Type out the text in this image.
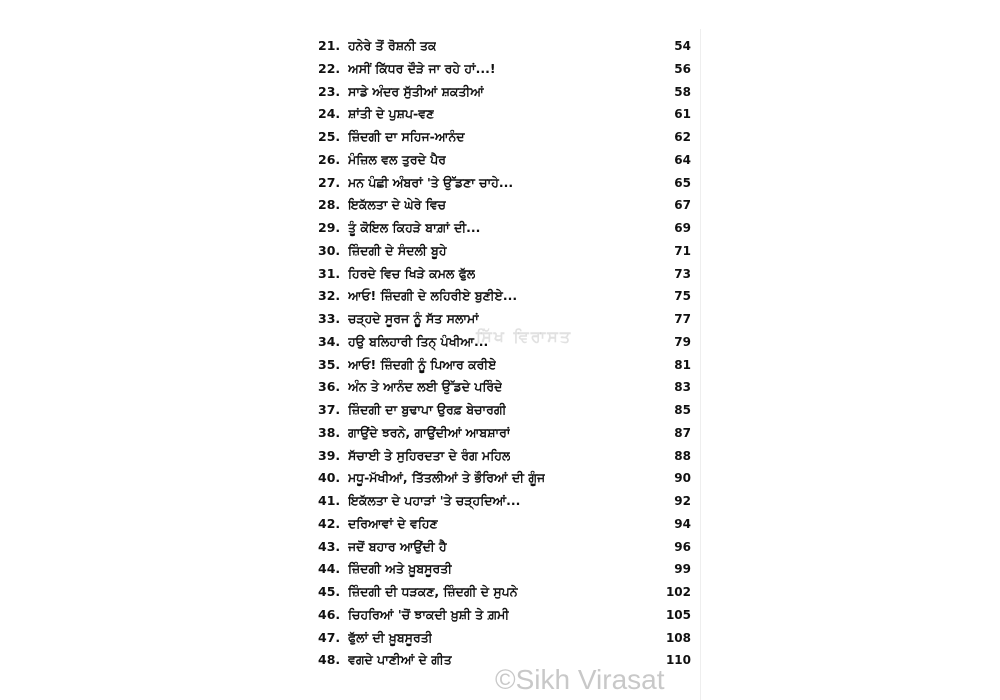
21. ਹਨੇਰੇ ਤੋਂ ਰੋਸ਼ਨੀ ਤਕ	54
22. ਅਸੀਂ ਕਿੱਧਰ ਦੌੜੇ ਜਾ ਰਹੇ ਹਾਂ...!	56
23. ਸਾਡੇ ਅੰਦਰ ਸੁੱਤੀਆਂ ਸ਼ਕਤੀਆਂ	58
24. ਸ਼ਾਂਤੀ ਦੇ ਪੁਸ਼ਪ-ਵਣ	61
25. ਜ਼ਿੰਦਗੀ ਦਾ ਸਹਿਜ-ਆਨੰਦ	62
26. ਮੰਜ਼ਿਲ ਵਲ ਤੁਰਦੇ ਪੈਰ	64
27. ਮਨ ਪੰਛੀ ਅੰਬਰਾਂ 'ਤੇ ਉੱਡਣਾ ਚਾਹੇ...	65
28. ਇਕੱਲਤਾ ਦੇ ਘੇਰੇ ਵਿਚ	67
29. ਤੂੰ ਕੋਇਲ ਕਿਹੜੇ ਬਾਗ਼ਾਂ ਦੀ...	69
30. ਜ਼ਿੰਦਗੀ ਦੇ ਸੰਦਲੀ ਬੂਹੇ	71
31. ਹਿਰਦੇ ਵਿਚ ਖਿੜੇ ਕਮਲ ਫੁੱਲ	73
32. ਆਓ! ਜ਼ਿੰਦਗੀ ਦੇ ਲਹਿਰੀਏ ਬੁਣੀਏ...	75
33. ਚੜ੍ਹਦੇ ਸੂਰਜ ਨੂੰ ਸੱਤ ਸਲਾਮਾਂ	77
34. ਹਉ ਬਲਿਹਾਰੀ ਤਿਨ੍ ਪੰਖੀਆ...	79
35. ਆਓ! ਜ਼ਿੰਦਗੀ ਨੂੰ ਪਿਆਰ ਕਰੀਏ	81
36. ਅੰਨ ਤੇ ਆਨੰਦ ਲਈ ਉੱਡਦੇ ਪਰਿੰਦੇ	83
37. ਜ਼ਿੰਦਗੀ ਦਾ ਬੁਢਾਪਾ ਉਰਫ਼ ਬੇਚਾਰਗੀ	85
38. ਗਾਉਂਦੇ ਝਰਨੇ, ਗਾਉਂਦੀਆਂ ਆਬਸ਼ਾਰਾਂ	87
39. ਸੱਚਾਈ ਤੇ ਸੁਹਿਰਦਤਾ ਦੇ ਰੰਗ ਮਹਿਲ	88
40. ਮਧੂ-ਮੱਖੀਆਂ, ਤਿੱਤਲੀਆਂ ਤੇ ਭੌਰਿਆਂ ਦੀ ਗੂੰਜ	90
41. ਇਕੱਲਤਾ ਦੇ ਪਹਾੜਾਂ 'ਤੇ ਚੜ੍ਹਦਿਆਂ...	92
42. ਦਰਿਆਵਾਂ ਦੇ ਵਹਿਣ	94
43. ਜਦੋਂ ਬਹਾਰ ਆਉਂਦੀ ਹੈ	96
44. ਜ਼ਿੰਦਗੀ ਅਤੇ ਖ਼ੂਬਸੂਰਤੀ	99
45. ਜ਼ਿੰਦਗੀ ਦੀ ਧੜਕਣ, ਜ਼ਿੰਦਗੀ ਦੇ ਸੁਪਨੇ	102
46. ਚਿਹਰਿਆਂ 'ਚੋਂ ਝਾਕਦੀ ਖ਼ੁਸ਼ੀ ਤੇ ਗ਼ਮੀ	105
47. ਫੁੱਲਾਂ ਦੀ ਖ਼ੂਬਸੂਰਤੀ	108
48. ਵਗਦੇ ਪਾਣੀਆਂ ਦੇ ਗੀਤ	110
ਸਿੱਖ ਵਿਰਾਸਤ
©Sikh Virasat
